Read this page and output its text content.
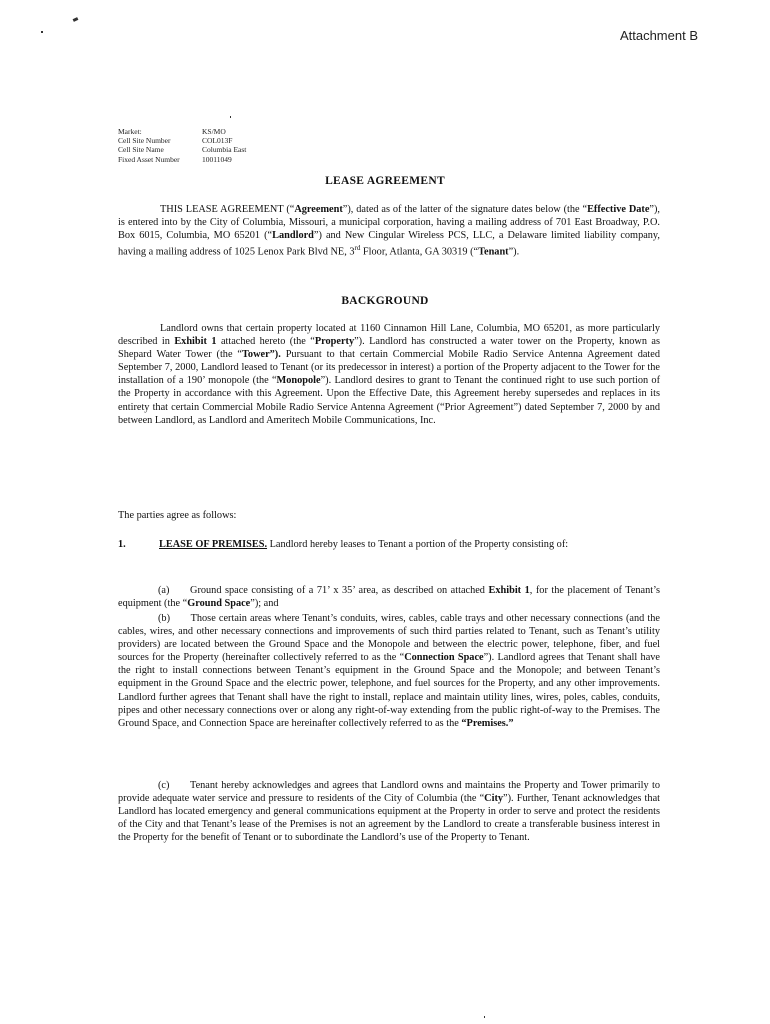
Attachment B
Market:	KS/MO
Cell Site Number	COL013F
Cell Site Name	Columbia East
Fixed Asset Number	10011049
LEASE AGREEMENT

THIS LEASE AGREEMENT (“Agreement”), dated as of the latter of the signature dates below (the “Effective Date”), is entered into by the City of Columbia, Missouri, a municipal corporation, having a mailing address of 701 East Broadway, P.O. Box 6015, Columbia, MO 65201 (“Landlord”) and New Cingular Wireless PCS, LLC, a Delaware limited liability company, having a mailing address of 1025 Lenox Park Blvd NE, 3rd Floor, Atlanta, GA 30319 (“Tenant”).

BACKGROUND

Landlord owns that certain property located at 1160 Cinnamon Hill Lane, Columbia, MO 65201, as more particularly described in Exhibit 1 attached hereto (the “Property”). Landlord has constructed a water tower on the Property, known as Shepard Water Tower (the “Tower”). Pursuant to that certain Commercial Mobile Radio Service Antenna Agreement dated September 7, 2000, Landlord leased to Tenant (or its predecessor in interest) a portion of the Property adjacent to the Tower for the installation of a 190’ monopole (the “Monopole”). Landlord desires to grant to Tenant the continued right to use such portion of the Property in accordance with this Agreement. Upon the Effective Date, this Agreement hereby supersedes and replaces in its entirety that certain Commercial Mobile Radio Service Antenna Agreement (“Prior Agreement”) dated September 7, 2000 by and between Landlord, as Landlord and Ameritech Mobile Communications, Inc.

The parties agree as follows:

1.	LEASE OF PREMISES. Landlord hereby leases to Tenant a portion of the Property consisting of:

(a)  Ground space consisting of a 71’ x 35’ area, as described on attached Exhibit 1, for the placement of Tenant’s equipment (the “Ground Space”); and

(b)  Those certain areas where Tenant’s conduits, wires, cables, cable trays and other necessary connections (and the cables, wires, and other necessary connections and improvements of such third parties related to Tenant, such as Tenant’s utility providers) are located between the Ground Space and the Monopole and between the electric power, telephone, fiber, and fuel sources for the Property (hereinafter collectively referred to as the “Connection Space”). Landlord agrees that Tenant shall have the right to install connections between Tenant’s equipment in the Ground Space and the Monopole; and between Tenant’s equipment in the Ground Space and the electric power, telephone, and fuel sources for the Property, and any other improvements. Landlord further agrees that Tenant shall have the right to install, replace and maintain utility lines, wires, poles, cables, conduits, pipes and other necessary connections over or along any right-of-way extending from the public right-of-way to the Premises. The Ground Space, and Connection Space are hereinafter collectively referred to as the “Premises.”

(c)  Tenant hereby acknowledges and agrees that Landlord owns and maintains the Property and Tower primarily to provide adequate water service and pressure to residents of the City of Columbia (the “City”). Further, Tenant acknowledges that Landlord has located emergency and general communications equipment at the Property in order to serve and protect the residents of the City and that Tenant’s lease of the Premises is not an agreement by the Landlord to create a transferable business interest in the Property for the benefit of Tenant or to subordinate the Landlord’s use of the Property to Tenant.
